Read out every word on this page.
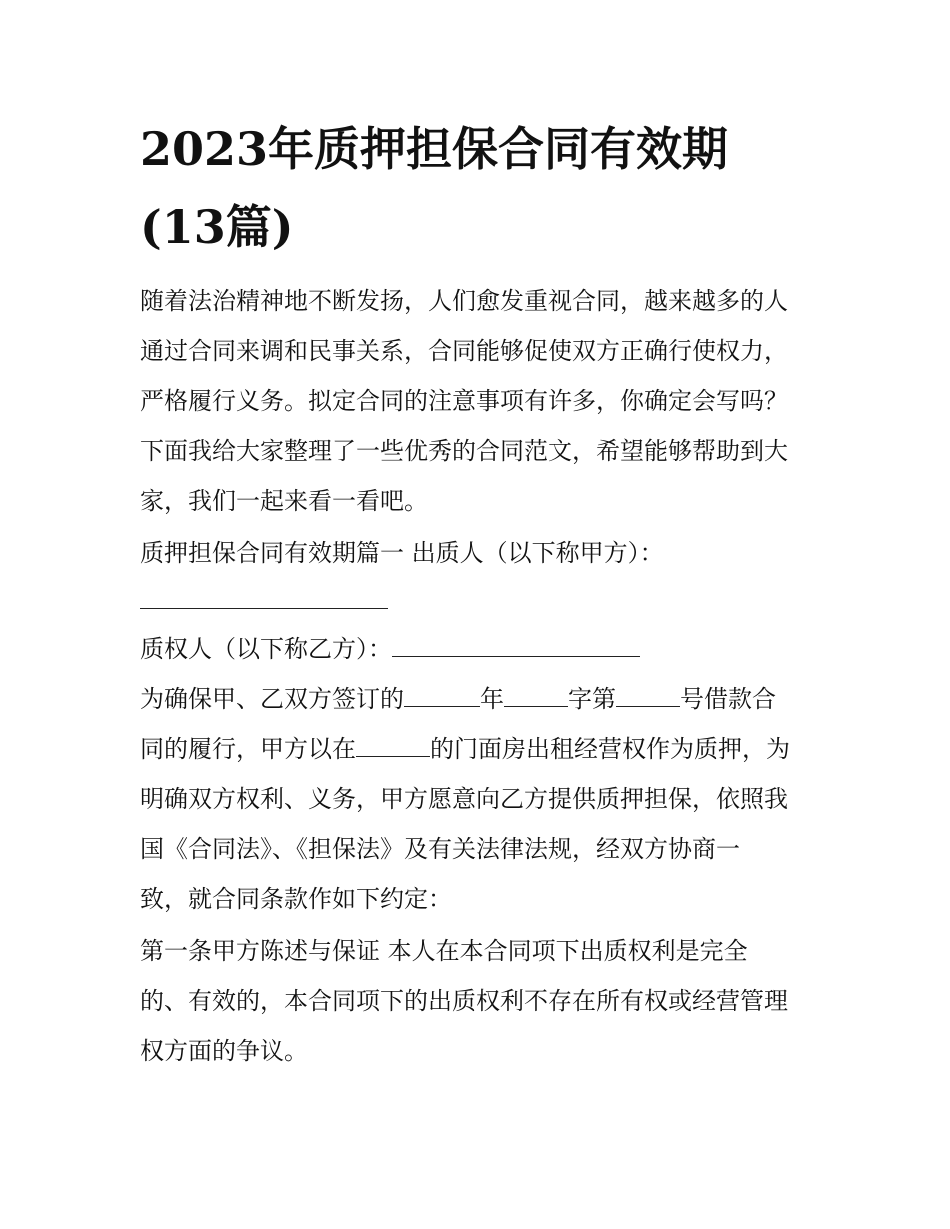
2023年质押担保合同有效期
(13篇)
随着法治精神地不断发扬，人们愈发重视合同，越来越多的人
通过合同来调和民事关系，合同能够促使双方正确行使权力，
严格履行义务。拟定合同的注意事项有许多，你确定会写吗？
下面我给大家整理了一些优秀的合同范文，希望能够帮助到大
家，我们一起来看一看吧。
质押担保合同有效期篇一 出质人（以下称甲方）：
质权人（以下称乙方）：
为确保甲、乙双方签订的	年	字第	号借款合
同的履行，甲方以在	的门面房出租经营权作为质押，为
明确双方权利、义务，甲方愿意向乙方提供质押担保，依照我
国《合同法》、《担保法》及有关法律法规，经双方协商一
致，就合同条款作如下约定：
第一条甲方陈述与保证 本人在本合同项下出质权利是完全
的、有效的，本合同项下的出质权利不存在所有权或经营管理
权方面的争议。
